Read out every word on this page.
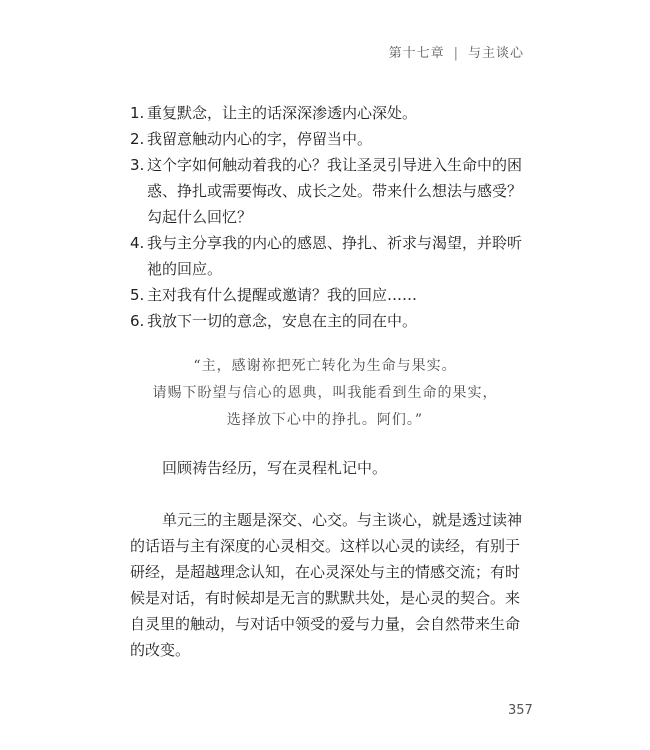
第十七章 | 与主谈心
1. 重复默念，让主的话深深渗透内心深处。
2. 我留意触动内心的字，停留当中。
3. 这个字如何触动着我的心？我让圣灵引导进入生命中的困惑、挣扎或需要悔改、成长之处。带来什么想法与感受？勾起什么回忆？
4. 我与主分享我的内心的感恩、挣扎、祈求与渴望，并聆听祂的回应。
5. 主对我有什么提醒或邀请？我的回应……
6. 我放下一切的意念，安息在主的同在中。
“主，感谢祢把死亡转化为生命与果实。
请赐下盼望与信心的恩典，叫我能看到生命的果实，
选择放下心中的挣扎。阿们。”

回顾祷告经历，写在灵程札记中。

单元三的主题是深交、心交。与主谈心，就是透过读神的话语与主有深度的心灵相交。这样以心灵的读经，有别于研经，是超越理念认知，在心灵深处与主的情感交流；有时候是对话，有时候却是无言的默默共处，是心灵的契合。来自灵里的触动，与对话中领受的爱与力量，会自然带来生命的改变。

357
